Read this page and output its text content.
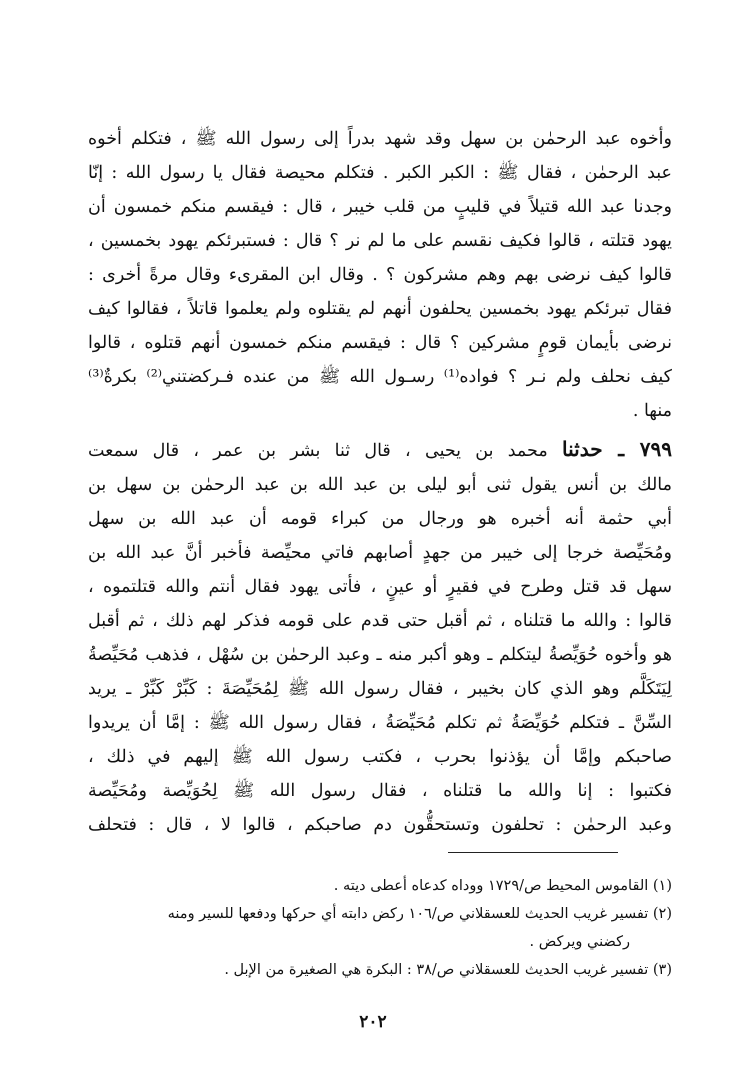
وأخوه عبد الرحمٰن بن سهل وقد شهد بدراً إلى رسول الله ﷺ ، فتكلم أخوه
عبد الرحمٰن ، فقال ﷺ : الكبر الكبر . فتكلم محيصة فقال يا رسول الله : إنّا
وجدنا عبد الله قتيلاً في قليبٍ من قلب خيبر ، قال : فيقسم منكم خمسون أن
يهود قتلته ، قالوا فكيف نقسم على ما لم نر ؟ قال : فستبرئكم يهود بخمسين ،
قالوا كيف نرضى بهم وهم مشركون ؟ . وقال ابن المقرىء وقال مرةً أخرى :
فقال تبرئكم يهود بخمسين يحلفون أنهم لم يقتلوه ولم يعلموا قاتلاً ، فقالوا كيف
نرضى بأيمان قومٍ مشركين ؟ قال : فيقسم منكم خمسون أنهم قتلوه ، قالوا
كيف نحلف ولم نـر ؟ فواده⁽¹⁾ رسـول الله ﷺ من عنده فـركضتني⁽²⁾ بكرةٌ⁽³⁾
منها .
٧٩٩ ـ حدثنا محمد بن يحيى ، قال ثنا بشر بن عمر ، قال سمعت
مالك بن أنس يقول ثنى أبو ليلى بن عبد الله بن عبد الرحمٰن بن سهل بن
أبي حثمة أنه أخبره هو ورجال من كبراء قومه أن عبد الله بن سهل
ومُحَيِّصة خرجا إلى خيبر من جهدٍ أصابهم فاتي محيِّصة فأخبر أنَّ عبد الله بن
سهل قد قتل وطرح في فقيرٍ أو عينٍ ، فأتى يهود فقال أنتم والله قتلتموه ،
قالوا : والله ما قتلناه ، ثم أقبل حتى قدم على قومه فذكر لهم ذلك ، ثم أقبل
هو وأخوه حُوَيِّصةُ ليتكلم ـ وهو أكبر منه ـ وعبد الرحمٰن بن سُهْل ، فذهب مُحَيِّصةُ
لِيَتَكَلَّم وهو الذي كان بخيبر ، فقال رسول الله ﷺ لِمُحَيِّصَةَ : كَبِّرْ كَبِّرْ ـ يريد
السِّنَّ ـ فتكلم حُوَيِّصَةُ ثم تكلم مُحَيِّصَةُ ، فقال رسول الله ﷺ : إمَّا أن يريدوا
صاحبكم وإمَّا أن يؤذنوا بحرب ، فكتب رسول الله ﷺ إليهم في ذلك ،
فكتبوا : إنا والله ما قتلناه ، فقال رسول الله ﷺ لِحُوَيِّصة ومُحَيِّصة
وعبد الرحمٰن : تحلفون وتستحقُّون دم صاحبكم ، قالوا لا ، قال : فتحلف
(١) القاموس المحيط ص/١٧٢٩ ووداه كدعاه أعطى ديته .
(٢) تفسير غريب الحديث للعسقلاني ص/١٠٦ ركض دابته أي حركها ودفعها للسير ومنه
ركضني ويركض .
(٣) تفسير غريب الحديث للعسقلاني ص/٣٨ : البكرة هي الصغيرة من الإبل .
٢٠٢
